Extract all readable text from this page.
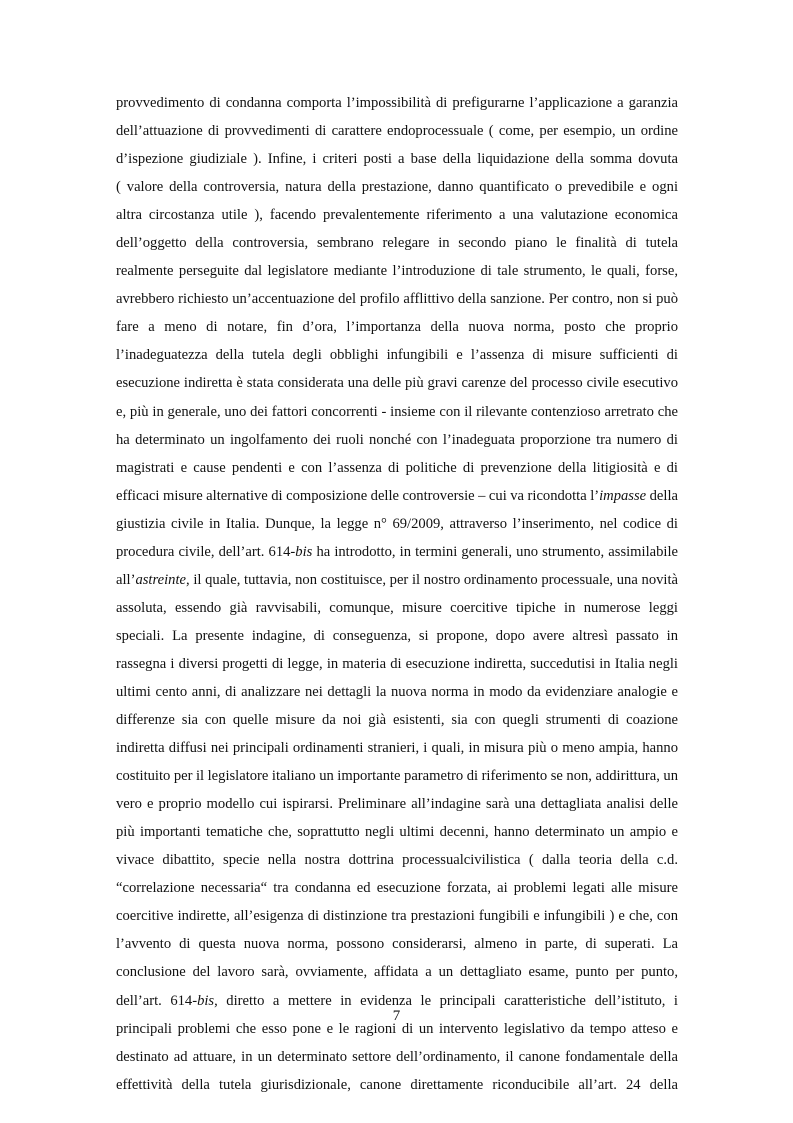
provvedimento di condanna comporta l’impossibilità di prefigurarne l’applicazione a garanzia
dell’attuazione di provvedimenti di carattere endoprocessuale ( come, per esempio, un ordine
d’ispezione giudiziale ). Infine, i criteri posti a base della liquidazione della somma dovuta
( valore della controversia, natura della prestazione, danno quantificato o prevedibile e ogni
altra circostanza utile ), facendo prevalentemente riferimento a una valutazione economica
dell’oggetto della controversia, sembrano relegare in secondo piano le finalità di tutela
realmente perseguite dal legislatore mediante l’introduzione di tale strumento, le quali, forse,
avrebbero richiesto un’accentuazione del profilo afflittivo della sanzione. Per contro, non si può
fare a meno di notare, fin d’ora, l’importanza della nuova norma, posto che proprio
l’inadeguatezza della tutela degli obblighi infungibili e l’assenza di misure sufficienti di
esecuzione indiretta è stata considerata una delle più gravi carenze del processo civile esecutivo
e, più in generale, uno dei fattori concorrenti - insieme con il rilevante contenzioso arretrato che
ha determinato un ingolfamento dei ruoli nonché con l’inadeguata proporzione tra numero di
magistrati e cause pendenti e con l’assenza di politiche di prevenzione della litigiosità e di
efficaci misure alternative di composizione delle controversie – cui va ricondotta l’impasse della
giustizia civile in Italia. Dunque, la legge n° 69/2009, attraverso l’inserimento, nel codice di
procedura civile, dell’art. 614-bis ha introdotto, in termini generali, uno strumento, assimilabile
all’astreinte, il quale, tuttavia, non costituisce, per il nostro ordinamento processuale, una novità
assoluta, essendo già ravvisabili, comunque, misure coercitive tipiche in numerose leggi
speciali. La presente indagine, di conseguenza, si propone, dopo avere altresì passato in
rassegna i diversi progetti di legge, in materia di esecuzione indiretta, succedutisi in Italia negli
ultimi cento anni, di analizzare nei dettagli la nuova norma in modo da evidenziare analogie e
differenze sia con quelle misure da noi già esistenti, sia con quegli strumenti di coazione
indiretta diffusi nei principali ordinamenti stranieri, i quali, in misura più o meno ampia, hanno
costituito per il legislatore italiano un importante parametro di riferimento se non, addirittura, un
vero e proprio modello cui ispirarsi. Preliminare all’indagine sarà una dettagliata analisi delle
più importanti tematiche che, soprattutto negli ultimi decenni, hanno determinato un ampio e
vivace dibattito, specie nella nostra dottrina processualcivilistica ( dalla teoria della c.d.
“correlazione necessaria“ tra condanna ed esecuzione forzata, ai problemi legati alle misure
coercitive indirette, all’esigenza di distinzione tra prestazioni fungibili e infungibili ) e che, con
l’avvento di questa nuova norma, possono considerarsi, almeno in parte, di superati. La
conclusione del lavoro sarà, ovviamente, affidata a un dettagliato esame, punto per punto,
dell’art. 614-bis, diretto a mettere in evidenza le principali caratteristiche dell’istituto, i
principali problemi che esso pone e le ragioni di un intervento legislativo da tempo atteso e
destinato ad attuare, in un determinato settore dell’ordinamento, il canone fondamentale della
effettività della tutela giurisdizionale, canone direttamente riconducibile all’art. 24 della
7
